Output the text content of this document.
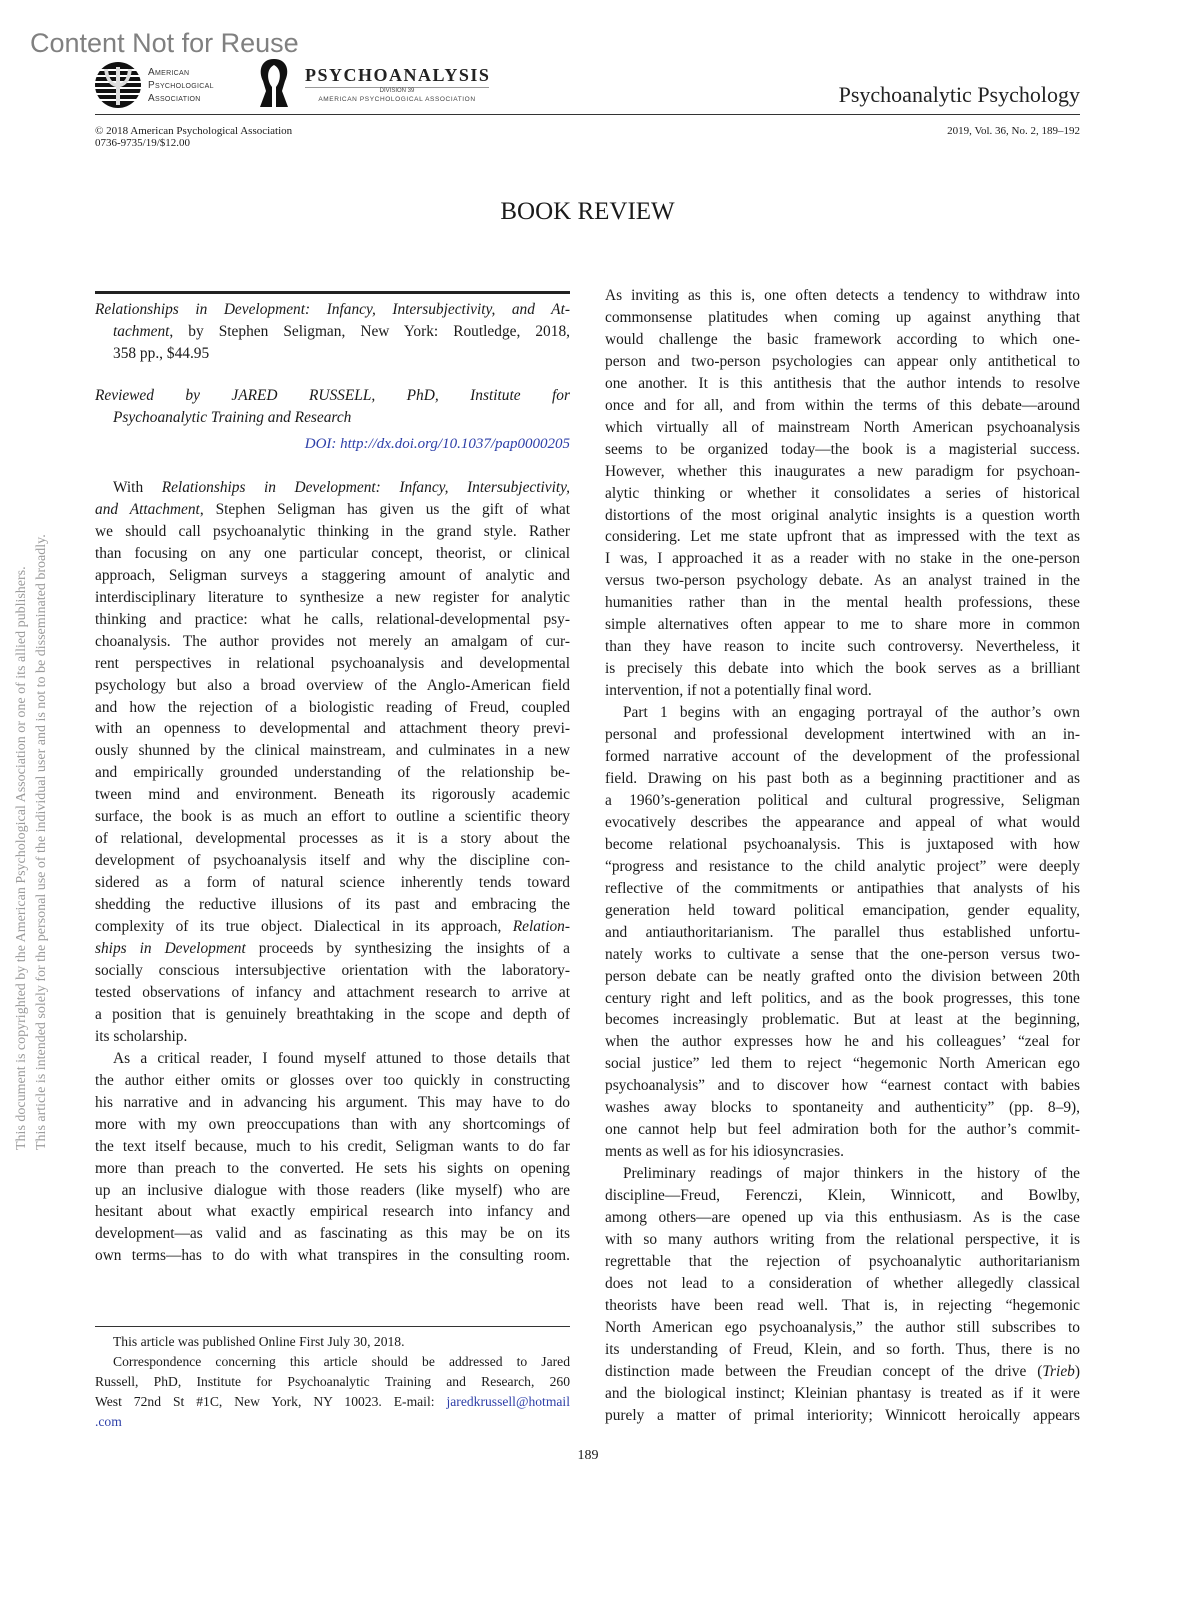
Content Not for Reuse
American
Psychological
Association
PSYCHOANALYSIS
DIVISION 39
AMERICAN PSYCHOLOGICAL ASSOCIATION	Psychoanalytic Psychology
© 2018 American Psychological Association
0736-9735/19/$12.00
2019, Vol. 36, No. 2, 189–192
This document is copyrighted by the American Psychological Association or one of its allied publishers. This article is intended solely for the personal use of the individual user and is not to be disseminated broadly.
BOOK REVIEW
Relationships in Development: Infancy, Intersubjectivity, and At-
tachment, by Stephen Seligman, New York: Routledge, 2018,
358 pp., $44.95
Reviewed by JARED RUSSELL, PhD, Institute for
Psychoanalytic Training and Research
DOI: http://dx.doi.org/10.1037/pap0000205
With Relationships in Development: Infancy, Intersubjectivity,
and Attachment, Stephen Seligman has given us the gift of what
we should call psychoanalytic thinking in the grand style. Rather
than focusing on any one particular concept, theorist, or clinical
approach, Seligman surveys a staggering amount of analytic and
interdisciplinary literature to synthesize a new register for analytic
thinking and practice: what he calls, relational-developmental psy-
choanalysis. The author provides not merely an amalgam of cur-
rent perspectives in relational psychoanalysis and developmental
psychology but also a broad overview of the Anglo-American field
and how the rejection of a biologistic reading of Freud, coupled
with an openness to developmental and attachment theory previ-
ously shunned by the clinical mainstream, and culminates in a new
and empirically grounded understanding of the relationship be-
tween mind and environment. Beneath its rigorously academic
surface, the book is as much an effort to outline a scientific theory
of relational, developmental processes as it is a story about the
development of psychoanalysis itself and why the discipline con-
sidered as a form of natural science inherently tends toward
shedding the reductive illusions of its past and embracing the
complexity of its true object. Dialectical in its approach, Relation-
ships in Development proceeds by synthesizing the insights of a
socially conscious intersubjective orientation with the laboratory-
tested observations of infancy and attachment research to arrive at
a position that is genuinely breathtaking in the scope and depth of
its scholarship.
As a critical reader, I found myself attuned to those details that
the author either omits or glosses over too quickly in constructing
his narrative and in advancing his argument. This may have to do
more with my own preoccupations than with any shortcomings of
the text itself because, much to his credit, Seligman wants to do far
more than preach to the converted. He sets his sights on opening
up an inclusive dialogue with those readers (like myself) who are
hesitant about what exactly empirical research into infancy and
development—as valid and as fascinating as this may be on its
own terms—has to do with what transpires in the consulting room.
As inviting as this is, one often detects a tendency to withdraw into
commonsense platitudes when coming up against anything that
would challenge the basic framework according to which one-
person and two-person psychologies can appear only antithetical to
one another. It is this antithesis that the author intends to resolve
once and for all, and from within the terms of this debate—around
which virtually all of mainstream North American psychoanalysis
seems to be organized today—the book is a magisterial success.
However, whether this inaugurates a new paradigm for psychoan-
alytic thinking or whether it consolidates a series of historical
distortions of the most original analytic insights is a question worth
considering. Let me state upfront that as impressed with the text as
I was, I approached it as a reader with no stake in the one-person
versus two-person psychology debate. As an analyst trained in the
humanities rather than in the mental health professions, these
simple alternatives often appear to me to share more in common
than they have reason to incite such controversy. Nevertheless, it
is precisely this debate into which the book serves as a brilliant
intervention, if not a potentially final word.
Part 1 begins with an engaging portrayal of the author’s own
personal and professional development intertwined with an in-
formed narrative account of the development of the professional
field. Drawing on his past both as a beginning practitioner and as
a 1960’s-generation political and cultural progressive, Seligman
evocatively describes the appearance and appeal of what would
become relational psychoanalysis. This is juxtaposed with how
“progress and resistance to the child analytic project” were deeply
reflective of the commitments or antipathies that analysts of his
generation held toward political emancipation, gender equality,
and antiauthoritarianism. The parallel thus established unfortu-
nately works to cultivate a sense that the one-person versus two-
person debate can be neatly grafted onto the division between 20th
century right and left politics, and as the book progresses, this tone
becomes increasingly problematic. But at least at the beginning,
when the author expresses how he and his colleagues’ “zeal for
social justice” led them to reject “hegemonic North American ego
psychoanalysis” and to discover how “earnest contact with babies
washes away blocks to spontaneity and authenticity” (pp. 8–9),
one cannot help but feel admiration both for the author’s commit-
ments as well as for his idiosyncrasies.
Preliminary readings of major thinkers in the history of the
discipline—Freud, Ferenczi, Klein, Winnicott, and Bowlby,
among others—are opened up via this enthusiasm. As is the case
with so many authors writing from the relational perspective, it is
regrettable that the rejection of psychoanalytic authoritarianism
does not lead to a consideration of whether allegedly classical
theorists have been read well. That is, in rejecting “hegemonic
North American ego psychoanalysis,” the author still subscribes to
its understanding of Freud, Klein, and so forth. Thus, there is no
distinction made between the Freudian concept of the drive (Trieb)
and the biological instinct; Kleinian phantasy is treated as if it were
purely a matter of primal interiority; Winnicott heroically appears
This article was published Online First July 30, 2018.
Correspondence concerning this article should be addressed to Jared
Russell, PhD, Institute for Psychoanalytic Training and Research, 260
West 72nd St #1C, New York, NY 10023. E-mail: jaredkrussell@hotmail
.com
189
